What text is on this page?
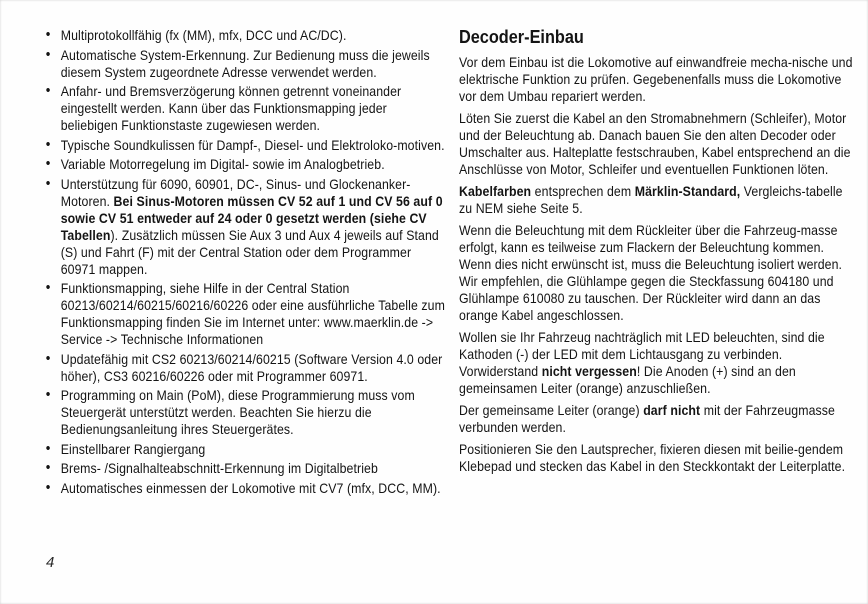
• Multiprotokollfähig (fx (MM), mfx, DCC und AC/DC).
• Automatische System-Erkennung. Zur Bedienung muss die jeweils diesem System zugeordnete Adresse verwendet werden.
• Anfahr- und Bremsverzögerung können getrennt voneinander eingestellt werden. Kann über das Funktionsmapping jeder beliebigen Funktionstaste zugewiesen werden.
• Typische Soundkulissen für Dampf-, Diesel- und Elektroloko-motiven.
• Variable Motorregelung im Digital- sowie im Analogbetrieb.
• Unterstützung für 6090, 60901, DC-, Sinus- und Glockenanker-Motoren. Bei Sinus-Motoren müssen CV 52 auf 1 und CV 56 auf 0 sowie CV 51 entweder auf 24 oder 0 gesetzt werden (siehe CV Tabellen). Zusätzlich müssen Sie Aux 3 und Aux 4 jeweils auf Stand (S) und Fahrt (F) mit der Central Station oder dem Programmer 60971 mappen.
• Funktionsmapping, siehe Hilfe in der Central Station 60213/60214/60215/60216/60226 oder eine ausführliche Tabelle zum Funktionsmapping finden Sie im Internet unter: www.maerklin.de -> Service -> Technische Informationen
• Updatefähig mit CS2 60213/60214/60215 (Software Version 4.0 oder höher), CS3 60216/60226 oder mit Programmer 60971.
• Programming on Main (PoM), diese Programmierung muss vom Steuergerät unterstützt werden. Beachten Sie hierzu die Bedienungsanleitung ihres Steuergerätes.
• Einstellbarer Rangiergang
• Brems- /Signalhalteabschnitt-Erkennung im Digitalbetrieb
• Automatisches einmessen der Lokomotive mit CV7 (mfx, DCC, MM).
Decoder-Einbau

Vor dem Einbau ist die Lokomotive auf einwandfreie mecha-nische und elektrische Funktion zu prüfen. Gegebenenfalls muss die Lokomotive vor dem Umbau repariert werden.

Löten Sie zuerst die Kabel an den Stromabnehmern (Schleifer), Motor und der Beleuchtung ab. Danach bauen Sie den alten Decoder oder Umschalter aus. Halteplatte festschrauben, Kabel entsprechend an die Anschlüsse von Motor, Schleifer und eventuellen Funktionen löten.

Kabelfarben entsprechen dem Märklin-Standard, Vergleichs-tabelle zu NEM siehe Seite 5.

Wenn die Beleuchtung mit dem Rückleiter über die Fahrzeug-masse erfolgt, kann es teilweise zum Flackern der Beleuchtung kommen. Wenn dies nicht erwünscht ist, muss die Beleuchtung isoliert werden. Wir empfehlen, die Glühlampe gegen die Steckfassung 604180 und Glühlampe 610080 zu tauschen. Der Rückleiter wird dann an das orange Kabel angeschlossen.

Wollen sie Ihr Fahrzeug nachträglich mit LED beleuchten, sind die Kathoden (-) der LED mit dem Lichtausgang zu verbinden. Vorwiderstand nicht vergessen! Die Anoden (+) sind an den gemeinsamen Leiter (orange) anzuschließen.

Der gemeinsame Leiter (orange) darf nicht mit der Fahrzeugmasse verbunden werden.

Positionieren Sie den Lautsprecher, fixieren diesen mit beilie-gendem Klebepad und stecken das Kabel in den Steckkontakt der Leiterplatte.

4
